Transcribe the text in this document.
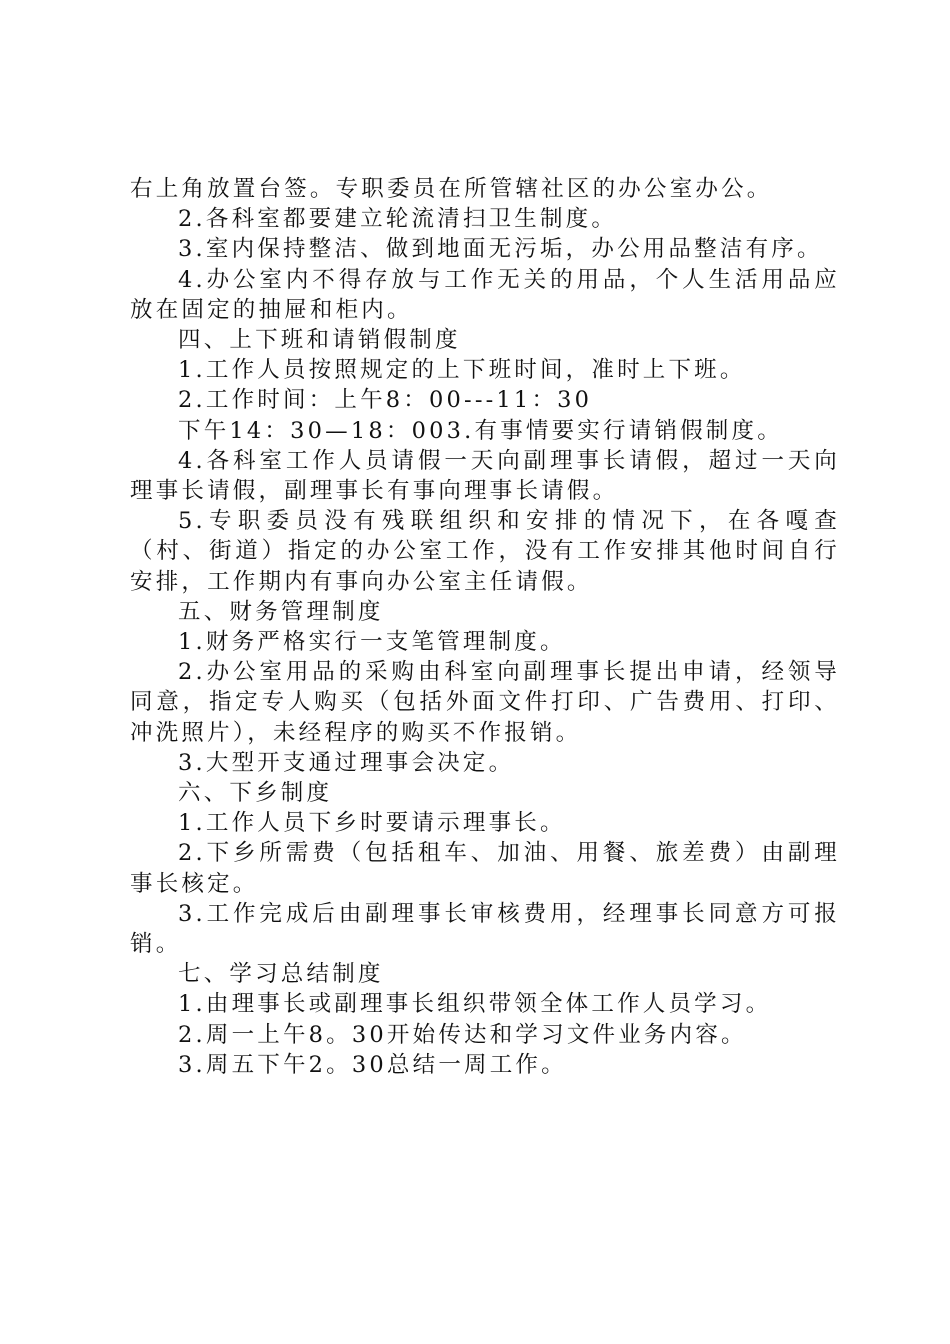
右上角放置台签。专职委员在所管辖社区的办公室办公。

2.各科室都要建立轮流清扫卫生制度。

3.室内保持整洁、做到地面无污垢，办公用品整洁有序。

4.办公室内不得存放与工作无关的用品，个人生活用品应放在固定的抽屉和柜内。

四、上下班和请销假制度

1.工作人员按照规定的上下班时间，准时上下班。

2.工作时间：上午8：00---11：30

下午14：30—18：003.有事情要实行请销假制度。

4.各科室工作人员请假一天向副理事长请假，超过一天向理事长请假，副理事长有事向理事长请假。

5.专职委员没有残联组织和安排的情况下，在各嘎查（村、街道）指定的办公室工作，没有工作安排其他时间自行安排，工作期内有事向办公室主任请假。

五、财务管理制度

1.财务严格实行一支笔管理制度。

2.办公室用品的采购由科室向副理事长提出申请，经领导同意，指定专人购买（包括外面文件打印、广告费用、打印、冲洗照片），未经程序的购买不作报销。

3.大型开支通过理事会决定。

六、下乡制度

1.工作人员下乡时要请示理事长。

2.下乡所需费（包括租车、加油、用餐、旅差费）由副理事长核定。

3.工作完成后由副理事长审核费用，经理事长同意方可报销。

七、学习总结制度

1.由理事长或副理事长组织带领全体工作人员学习。

2.周一上午8。30开始传达和学习文件业务内容。

3.周五下午2。30总结一周工作。
